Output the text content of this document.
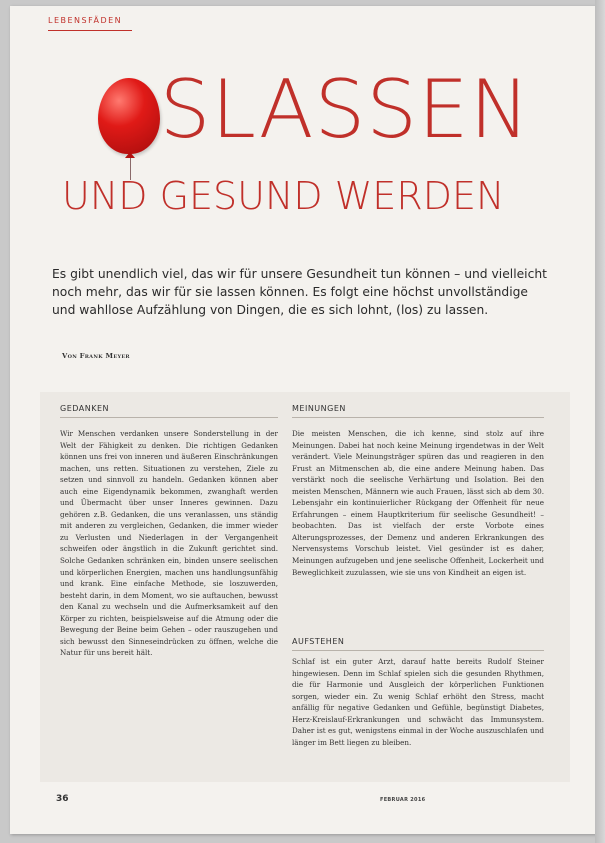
LEBENSFÄDEN
SLASSEN
UND GESUND WERDEN
Es gibt unendlich viel, das wir für unsere Gesundheit tun können – und vielleicht noch mehr, das wir für sie lassen können. Es folgt eine höchst unvollständige und wahllose Aufzählung von Dingen, die es sich lohnt, (los) zu lassen.
Von Frank Meyer
GEDANKEN
Wir Menschen verdanken unsere Sonderstellung in der Welt der Fähigkeit zu denken. Die richtigen Gedanken können uns frei von inneren und äußeren Einschränkungen machen, uns retten. Situationen zu verstehen, Ziele zu setzen und sinnvoll zu handeln. Gedanken können aber auch eine Eigendynamik bekommen, zwanghaft werden und Übermacht über unser Inneres gewinnen. Dazu gehören z.B. Gedanken, die uns veranlassen, uns ständig mit anderen zu vergleichen, Gedanken, die immer wieder zu Verlusten und Niederlagen in der Vergangenheit schweifen oder ängstlich in die Zukunft gerichtet sind. Solche Gedanken schränken ein, binden unsere seelischen und körperlichen Energien, machen uns handlungsunfähig und krank. Eine einfache Methode, sie loszuwerden, besteht darin, in dem Moment, wo sie auftauchen, bewusst den Kanal zu wechseln und die Aufmerksamkeit auf den Körper zu richten, beispielsweise auf die Atmung oder die Bewegung der Beine beim Gehen – oder rauszugehen und sich bewusst den Sinneseindrücken zu öffnen, welche die Natur für uns bereit hält.
MEINUNGEN
Die meisten Menschen, die ich kenne, sind stolz auf ihre Meinungen. Dabei hat noch keine Meinung irgendetwas in der Welt verändert. Viele Meinungsträger spüren das und reagieren in den Frust an Mitmenschen ab, die eine andere Meinung haben. Das verstärkt noch die seelische Verhärtung und Isolation. Bei den meisten Menschen, Männern wie auch Frauen, lässt sich ab dem 30. Lebensjahr ein kontinuierlicher Rückgang der Offenheit für neue Erfahrungen – einem Hauptkriterium für seelische Gesundheit! – beobachten. Das ist vielfach der erste Vorbote eines Alterungsprozesses, der Demenz und anderen Erkrankungen des Nervensystems Vorschub leistet. Viel gesünder ist es daher, Meinungen aufzugeben und jene seelische Offenheit, Lockerheit und Beweglichkeit zuzulassen, wie sie uns von Kindheit an eigen ist.
AUFSTEHEN
Schlaf ist ein guter Arzt, darauf hatte bereits Rudolf Steiner hingewiesen. Denn im Schlaf spielen sich die gesunden Rhythmen, die für Harmonie und Ausgleich der körperlichen Funktionen sorgen, wieder ein. Zu wenig Schlaf erhöht den Stress, macht anfällig für negative Gedanken und Gefühle, begünstigt Diabetes, Herz-Kreislauf-Erkrankungen und schwächt das Immunsystem. Daher ist es gut, wenigstens einmal in der Woche auszuschlafen und länger im Bett liegen zu bleiben.
36	FEBRUAR 2016
